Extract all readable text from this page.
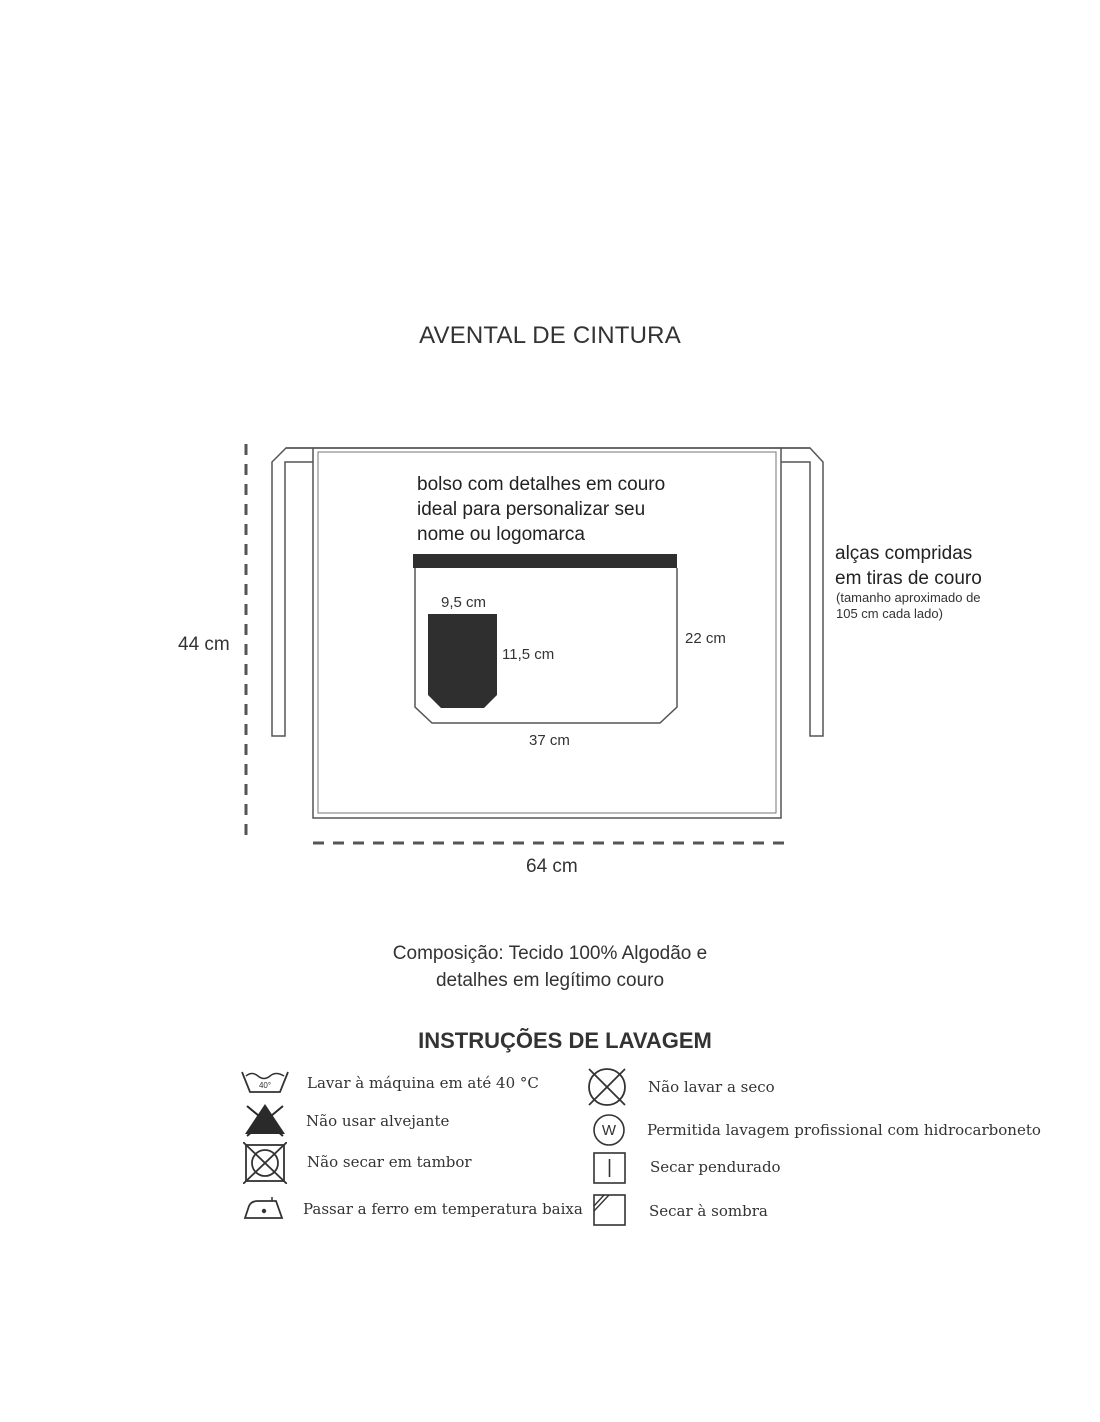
AVENTAL DE CINTURA
bolso com detalhes em couro
ideal para personalizar seu
nome ou logomarca
alças compridas
em tiras de couro
(tamanho aproximado de
105 cm cada lado)
44 cm
64 cm
37 cm
22 cm
9,5 cm
11,5 cm
Composição: Tecido 100% Algodão e
detalhes em legítimo couro
INSTRUÇÕES DE LAVAGEM
40° Lavar à máquina em até 40 °C
Não usar alvejante
Não secar em tambor
Passar a ferro em temperatura baixa
W
Não lavar a seco
Permitida lavagem profissional com hidrocarboneto
Secar pendurado
Secar à sombra
